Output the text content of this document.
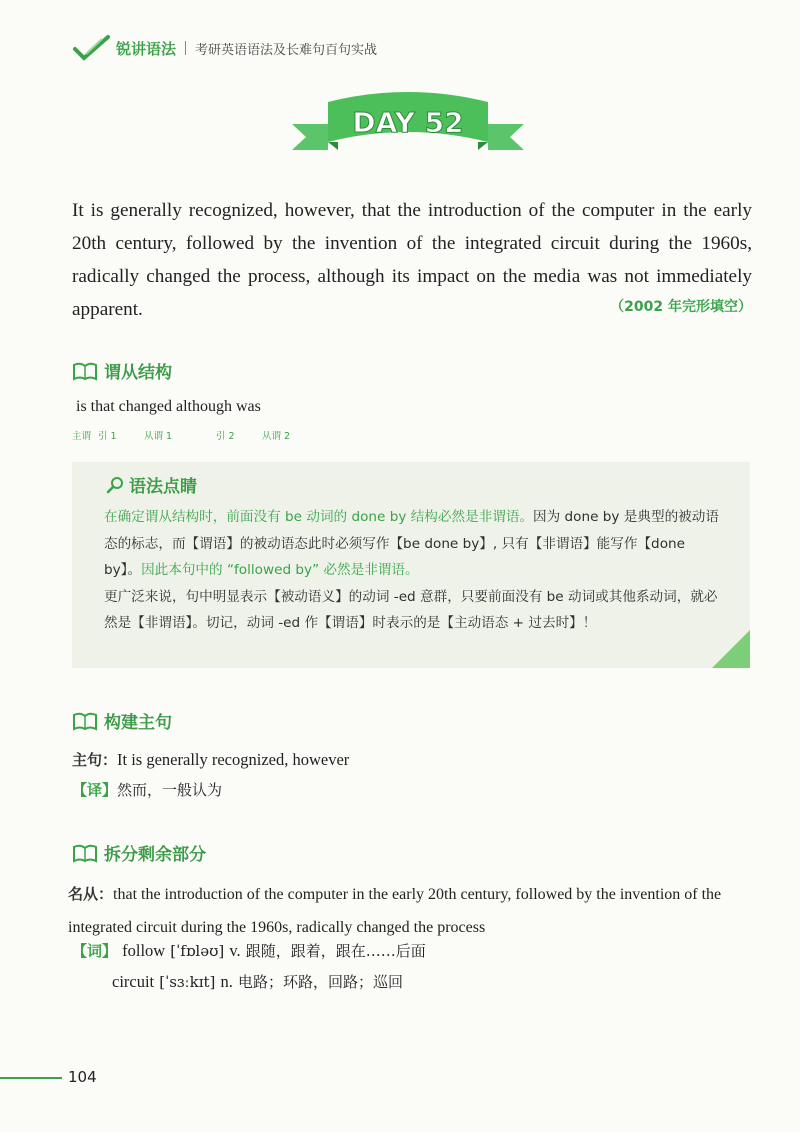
锐讲语法 考研英语语法及长难句百句实战
DAY 52
It is generally recognized, however, that the introduction of the computer in the early 20th century, followed by the invention of the integrated circuit during the 1960s, radically changed the process, although its impact on the media was not immediately apparent.	（2002 年完形填空）
谓从结构
is that changed although was
主谓 引 1	从谓 1	引 2	从谓 2
语法点睛
在确定谓从结构时，前面没有 be 动词的 done by 结构必然是非谓语。因为 done by 是典型的被动语态的标志，而【谓语】的被动语态此时必须写作【be done by】, 只有【非谓语】能写作【done by】。因此本句中的 “followed by” 必然是非谓语。
更广泛来说，句中明显表示【被动语义】的动词 -ed 意群，只要前面没有 be 动词或其他系动词，就必然是【非谓语】。切记，动词 -ed 作【谓语】时表示的是【主动语态 + 过去时】！
构建主句
主句：It is generally recognized, however
【译】然而，一般认为
拆分剩余部分
名从：that the introduction of the computer in the early 20th century, followed by the invention of the integrated circuit during the 1960s, radically changed the process
【词】 follow [ˈfɒləʊ] v. 跟随，跟着，跟在……后面
circuit [ˈsɜːkɪt] n. 电路；环路，回路；巡回
104
